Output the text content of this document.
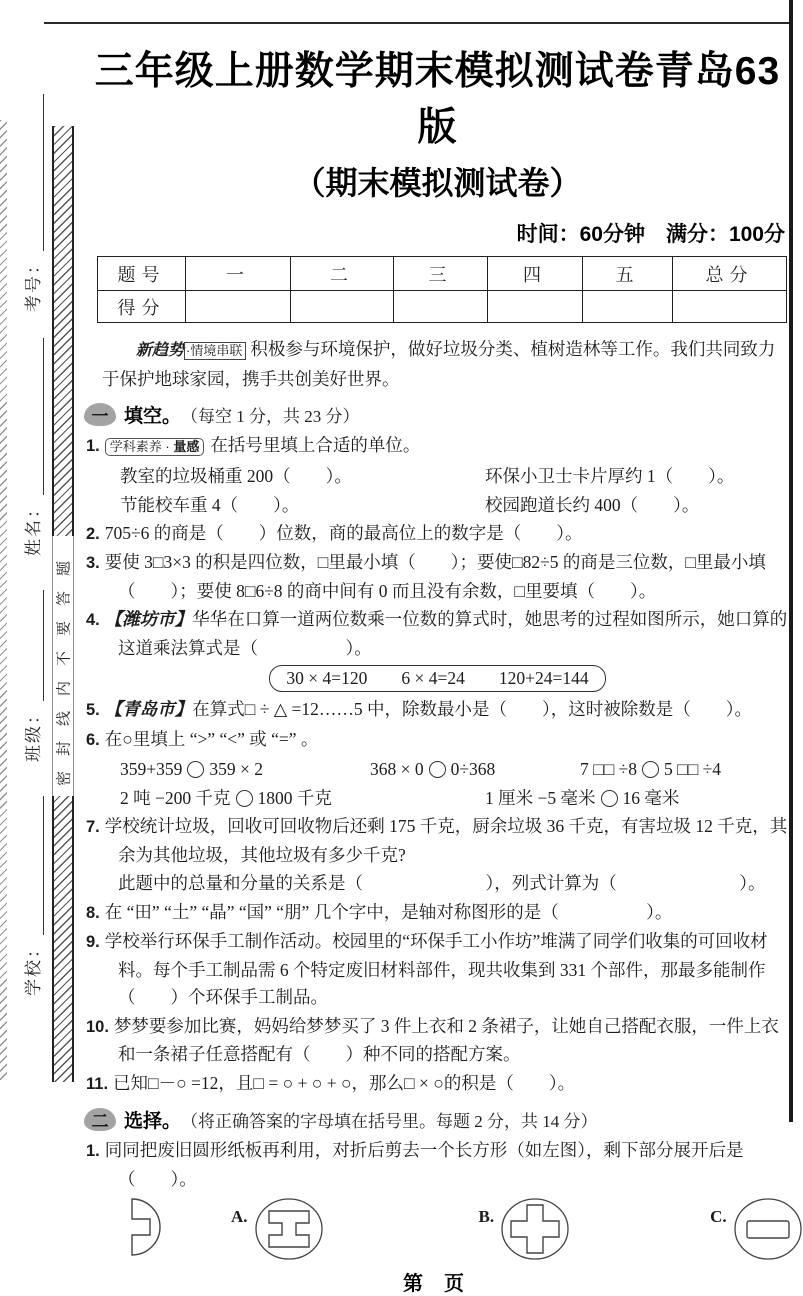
考号：
姓名：
班级：
学校：
密封线内不要答题
三年级上册数学期末模拟测试卷青岛63版
（期末模拟测试卷）
时间：60分钟　满分：100分
题号	一	二	三	四	五	总分
得分						

新趋势 ·情境串联 积极参与环境保护，做好垃圾分类、植树造林等工作。我们共同致力于保护地球家园，携手共创美好世界。

一 填空。 （每空 1 分，共 23 分）
1. 学科素养 · 量感 在括号里填上合适的单位。
教室的垃圾桶重 200（　　）。	环保小卫士卡片厚约 1（　　）。
节能校车重 4（　　）。	校园跑道长约 400（　　）。
2. 705÷6 的商是（　　）位数，商的最高位上的数字是（　　）。
3. 要使 3□3×3 的积是四位数，□里最小填（　　）；要使□82÷5 的商是三位数，□里最小填（　　）；要使 8□6÷8 的商中间有 0 而且没有余数，□里要填（　　）。
4. 【潍坊市】华华在口算一道两位数乘一位数的算式时，她思考的过程如图所示，她口算的这道乘法算式是（　　　　　）。
30 × 4=120 6 × 4=24 120+24=144
5. 【青岛市】在算式□ ÷ △ =12……5 中，除数最小是（　　），这时被除数是（　　）。
6. 在○里填上 “>” “<” 或 “=” 。
359+359 359 × 2	368 × 0 0÷368	7 □□ ÷8 5 □□ ÷4
2 吨 −200 千克 1800 千克	1 厘米 −5 毫米 16 毫米
7. 学校统计垃圾，回收可回收物后还剩 175 千克，厨余垃圾 36 千克，有害垃圾 12 千克，其余为其他垃圾，其他垃圾有多少千克?
此题中的总量和分量的关系是（　　　　　　　），列式计算为（　　　　　　　）。
8. 在 “田” “土” “晶” “国” “朋” 几个字中，是轴对称图形的是（　　　　　）。
9. 学校举行环保手工制作活动。校园里的“环保手工小作坊”堆满了同学们收集的可回收材料。每个手工制品需 6 个特定废旧材料部件，现共收集到 331 个部件，那最多能制作（　　）个环保手工制品。
10. 梦梦要参加比赛，妈妈给梦梦买了 3 件上衣和 2 条裙子，让她自己搭配衣服，一件上衣和一条裙子任意搭配有（　　）种不同的搭配方案。
11. 已知□－○ =12，且□ = ○ + ○ + ○，那么□ × ○的积是（　　）。
二 选择。 （将正确答案的字母填在括号里。每题 2 分，共 14 分）
1. 同同把废旧圆形纸板再利用，对折后剪去一个长方形（如左图），剩下部分展开后是（　　）。
A.	B.	C.
第 页
